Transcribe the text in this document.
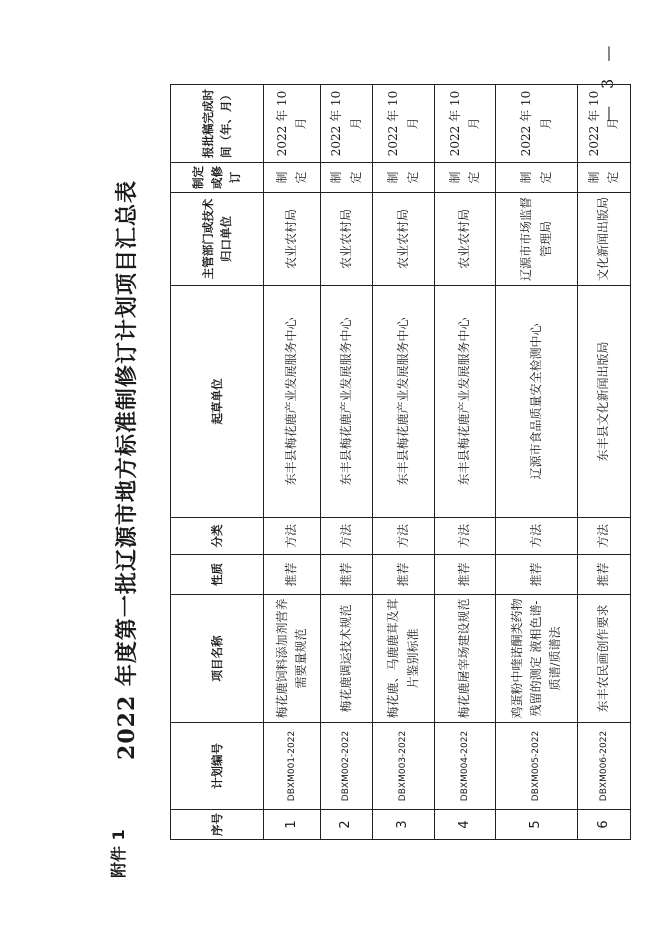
附件 1
2022 年度第一批辽源市地方标准制修订计划项目汇总表
序号	计划编号	项目名称	性质	分类	起草单位	主管部门或技术归口单位	制定或修订	报批稿完成时间（年、月）
1	DBXM001-2022	梅花鹿饲料添加剂营养需要量规范	推荐	方法	东丰县梅花鹿产业发展服务中心	农业农村局	制定	2022 年 10 月
2	DBXM002-2022	梅花鹿调运技术规范	推荐	方法	东丰县梅花鹿产业发展服务中心	农业农村局	制定	2022 年 10 月
3	DBXM003-2022	梅花鹿、马鹿鹿茸及茸片鉴别标准	推荐	方法	东丰县梅花鹿产业发展服务中心	农业农村局	制定	2022 年 10 月
4	DBXM004-2022	梅花鹿屠宰场建设规范	推荐	方法	东丰县梅花鹿产业发展服务中心	农业农村局	制定	2022 年 10 月
5	DBXM005-2022	鸡蛋粉中喹诺酮类药物残留的测定 液相色谱-质谱/质谱法	推荐	方法	辽源市食品质量安全检测中心	辽源市市场监督管理局	制定	2022 年 10 月
6	DBXM006-2022	东丰农民画创作要求	推荐	方法	东丰县文化新闻出版局	文化新闻出版局	制定	2022 年 10 月
— 3 —
